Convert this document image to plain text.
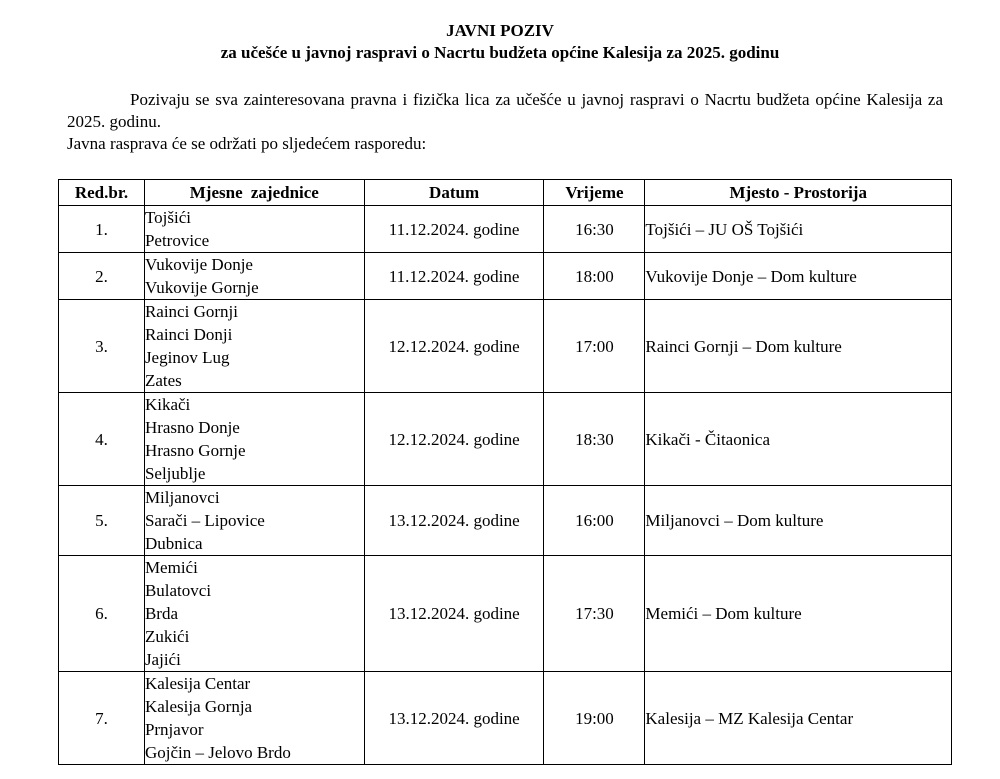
JAVNI POZIV
za učešće u javnoj raspravi o Nacrtu budžeta općine Kalesija za 2025. godinu

Pozivaju se sva zainteresovana pravna i fizička lica za učešće u javnoj raspravi o Nacrtu budžeta općine Kalesija za 2025. godinu.

Javna rasprava će se održati po sljedećem rasporedu:

Red.br.	Mjesne zajednice	Datum	Vrijeme	Mjesto - Prostorija
1.	Tojšići
Petrovice	11.12.2024. godine	16:30	Tojšići – JU OŠ Tojšići
2.	Vukovije Donje
Vukovije Gornje	11.12.2024. godine	18:00	Vukovije Donje – Dom kulture
3.	Rainci Gornji
Rainci Donji
Jeginov Lug
Zates	12.12.2024. godine	17:00	Rainci Gornji – Dom kulture
4.	Kikači
Hrasno Donje
Hrasno Gornje
Seljublje	12.12.2024. godine	18:30	Kikači - Čitaonica
5.	Miljanovci
Sarači – Lipovice
Dubnica	13.12.2024. godine	16:00	Miljanovci – Dom kulture
6.	Memići
Bulatovci
Brda
Zukići
Jajići	13.12.2024. godine	17:30	Memići – Dom kulture
7.	Kalesija Centar
Kalesija Gornja
Prnjavor
Gojčin – Jelovo Brdo	13.12.2024. godine	19:00	Kalesija – MZ Kalesija Centar
